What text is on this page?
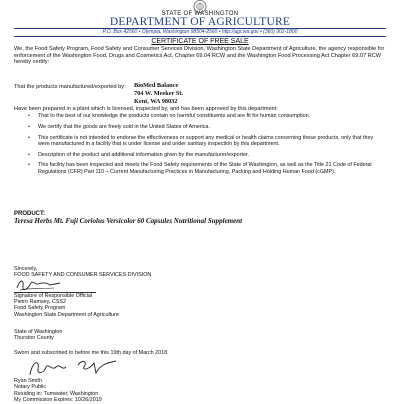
STATE OF WASHINGTON
DEPARTMENT OF AGRICULTURE
P.O. Box 42560 • Olympia, Washington 98504-2560 • http://agr.wa.gov • (360) 902-1800
CERTIFICATE OF FREE SALE
We, the Food Safety Program, Food Safety and Consumer Services Division, Washington State Department of Agriculture, the agency responsible for enforcement of the Washington Food, Drugs and Cosmetics Act, Chapter 69.04 RCW and the Washington Food Processing Act Chapter 69.07 RCW hereby certify:
That the products manufactured/exported by: BioMed Balance
704 W. Meeker St.
Kent, WA 98032
Have been prepared in a plant which is licensed, inspected by, and has been approved by this department:
• That to the best of our knowledge the products contain no harmful constituents and are fit for human consumption.
• We certify that the goods are freely sold in the United States of America.
• This certificate is not intended to endorse the effectiveness or support any medical or health claims concerning these products, only that they were manufactured in a facility that is under license and under sanitary inspection by this department.
• Description of the product and additional information given by the manufacturer/exporter.
• This facility has been inspected and meets the Food Safety requirements of the State of Washington, as well as the Title 21 Code of Federal Regulations (CFR) Part 110 – Current Manufacturing Practices in Manufacturing, Packing and Holding Human Food (cGMP).
PRODUCT:
Teresa Herbs Mt. Fuji Coriolus Versicolor 60 Capsules Nutritional Supplement
Sincerely,
FOOD SAFETY AND CONSUMER SERVICES DIVISION
Signature of Responsible Official
Pietro Ramsey, CSS2
Food Safety Program
Washington State Department of Agriculture
State of Washington
Thurston County
Sworn and subscribed to before me this 19th day of March 2018.
Ryan Smith
Notary Public
Residing in: Tumwater, Washington
My Commission Expires: 10/26/2019
